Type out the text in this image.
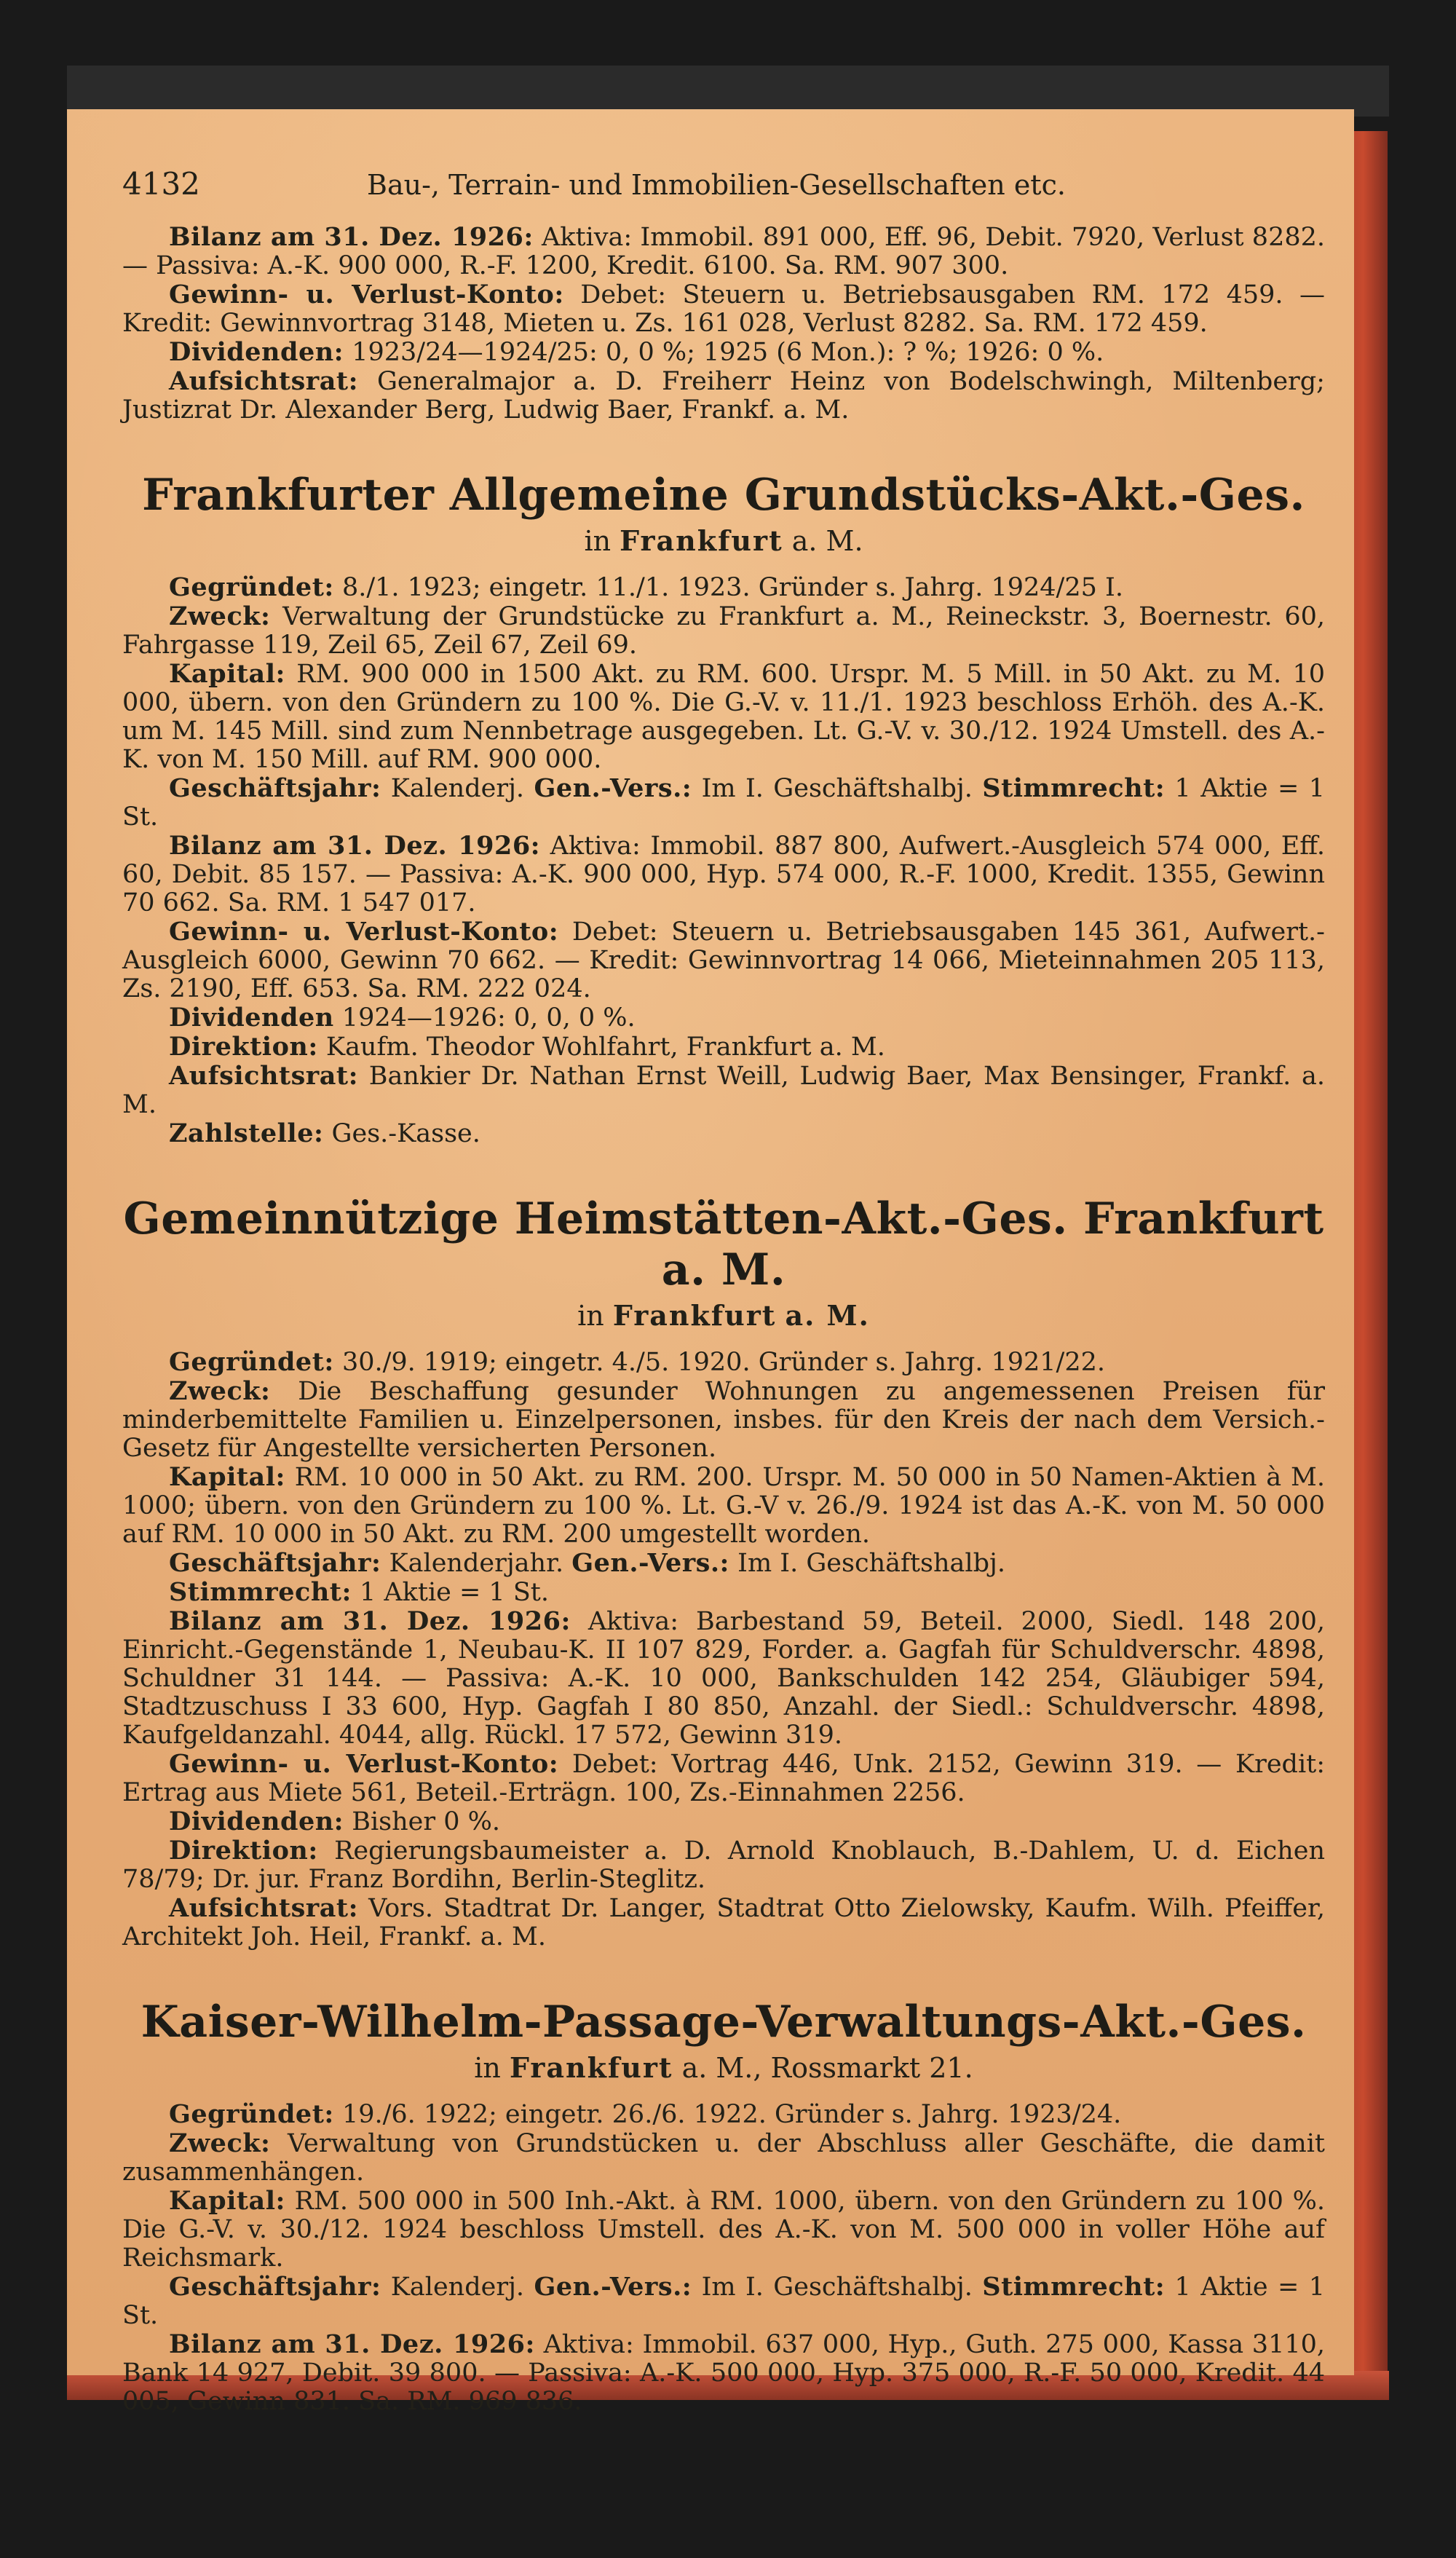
4132	Bau-, Terrain- und Immobilien-Gesellschaften etc.

Bilanz am 31. Dez. 1926: Aktiva: Immobil. 891 000, Eff. 96, Debit. 7920, Verlust 8282. — Passiva: A.-K. 900 000, R.-F. 1200, Kredit. 6100. Sa. RM. 907 300.

Gewinn- u. Verlust-Konto: Debet: Steuern u. Betriebsausgaben RM. 172 459. — Kredit: Gewinnvortrag 3148, Mieten u. Zs. 161 028, Verlust 8282. Sa. RM. 172 459.

Dividenden: 1923/24—1924/25: 0, 0 %; 1925 (6 Mon.): ? %; 1926: 0 %.

Aufsichtsrat: Generalmajor a. D. Freiherr Heinz von Bodelschwingh, Miltenberg; Justizrat Dr. Alexander Berg, Ludwig Baer, Frankf. a. M.

Frankfurter Allgemeine Grundstücks-Akt.-Ges.
in Frankfurt a. M.

Gegründet: 8./1. 1923; eingetr. 11./1. 1923. Gründer s. Jahrg. 1924/25 I.

Zweck: Verwaltung der Grundstücke zu Frankfurt a. M., Reineckstr. 3, Boernestr. 60, Fahrgasse 119, Zeil 65, Zeil 67, Zeil 69.

Kapital: RM. 900 000 in 1500 Akt. zu RM. 600. Urspr. M. 5 Mill. in 50 Akt. zu M. 10 000, übern. von den Gründern zu 100 %. Die G.-V. v. 11./1. 1923 beschloss Erhöh. des A.-K. um M. 145 Mill. sind zum Nennbetrage ausgegeben. Lt. G.-V. v. 30./12. 1924 Umstell. des A.-K. von M. 150 Mill. auf RM. 900 000.

Geschäftsjahr: Kalenderj. Gen.-Vers.: Im I. Geschäftshalbj. Stimmrecht: 1 Aktie = 1 St.

Bilanz am 31. Dez. 1926: Aktiva: Immobil. 887 800, Aufwert.-Ausgleich 574 000, Eff. 60, Debit. 85 157. — Passiva: A.-K. 900 000, Hyp. 574 000, R.-F. 1000, Kredit. 1355, Gewinn 70 662. Sa. RM. 1 547 017.

Gewinn- u. Verlust-Konto: Debet: Steuern u. Betriebsausgaben 145 361, Aufwert.-Ausgleich 6000, Gewinn 70 662. — Kredit: Gewinnvortrag 14 066, Mieteinnahmen 205 113, Zs. 2190, Eff. 653. Sa. RM. 222 024.

Dividenden 1924—1926: 0, 0, 0 %.

Direktion: Kaufm. Theodor Wohlfahrt, Frankfurt a. M.

Aufsichtsrat: Bankier Dr. Nathan Ernst Weill, Ludwig Baer, Max Bensinger, Frankf. a. M.

Zahlstelle: Ges.-Kasse.

Gemeinnützige Heimstätten-Akt.-Ges. Frankfurt a. M.
in Frankfurt a. M.

Gegründet: 30./9. 1919; eingetr. 4./5. 1920. Gründer s. Jahrg. 1921/22.

Zweck: Die Beschaffung gesunder Wohnungen zu angemessenen Preisen für minderbemittelte Familien u. Einzelpersonen, insbes. für den Kreis der nach dem Versich.-Gesetz für Angestellte versicherten Personen.

Kapital: RM. 10 000 in 50 Akt. zu RM. 200. Urspr. M. 50 000 in 50 Namen-Aktien à M. 1000; übern. von den Gründern zu 100 %. Lt. G.-V v. 26./9. 1924 ist das A.-K. von M. 50 000 auf RM. 10 000 in 50 Akt. zu RM. 200 umgestellt worden.

Geschäftsjahr: Kalenderjahr. Gen.-Vers.: Im I. Geschäftshalbj.

Stimmrecht: 1 Aktie = 1 St.

Bilanz am 31. Dez. 1926: Aktiva: Barbestand 59, Beteil. 2000, Siedl. 148 200, Einricht.-Gegenstände 1, Neubau-K. II 107 829, Forder. a. Gagfah für Schuldverschr. 4898, Schuldner 31 144. — Passiva: A.-K. 10 000, Bankschulden 142 254, Gläubiger 594, Stadtzuschuss I 33 600, Hyp. Gagfah I 80 850, Anzahl. der Siedl.: Schuldverschr. 4898, Kaufgeldanzahl. 4044, allg. Rückl. 17 572, Gewinn 319.

Gewinn- u. Verlust-Konto: Debet: Vortrag 446, Unk. 2152, Gewinn 319. — Kredit: Ertrag aus Miete 561, Beteil.-Erträgn. 100, Zs.-Einnahmen 2256.

Dividenden: Bisher 0 %.

Direktion: Regierungsbaumeister a. D. Arnold Knoblauch, B.-Dahlem, U. d. Eichen 78/79; Dr. jur. Franz Bordihn, Berlin-Steglitz.

Aufsichtsrat: Vors. Stadtrat Dr. Langer, Stadtrat Otto Zielowsky, Kaufm. Wilh. Pfeiffer, Architekt Joh. Heil, Frankf. a. M.

Kaiser-Wilhelm-Passage-Verwaltungs-Akt.-Ges.
in Frankfurt a. M., Rossmarkt 21.

Gegründet: 19./6. 1922; eingetr. 26./6. 1922. Gründer s. Jahrg. 1923/24.

Zweck: Verwaltung von Grundstücken u. der Abschluss aller Geschäfte, die damit zusammenhängen.

Kapital: RM. 500 000 in 500 Inh.-Akt. à RM. 1000, übern. von den Gründern zu 100 %. Die G.-V. v. 30./12. 1924 beschloss Umstell. des A.-K. von M. 500 000 in voller Höhe auf Reichsmark.

Geschäftsjahr: Kalenderj. Gen.-Vers.: Im I. Geschäftshalbj. Stimmrecht: 1 Aktie = 1 St.

Bilanz am 31. Dez. 1926: Aktiva: Immobil. 637 000, Hyp., Guth. 275 000, Kassa 3110, Bank 14 927, Debit. 39 800. — Passiva: A.-K. 500 000, Hyp. 375 000, R.-F. 50 000, Kredit. 44 005, Gewinn 831. Sa. RM. 969 836.
